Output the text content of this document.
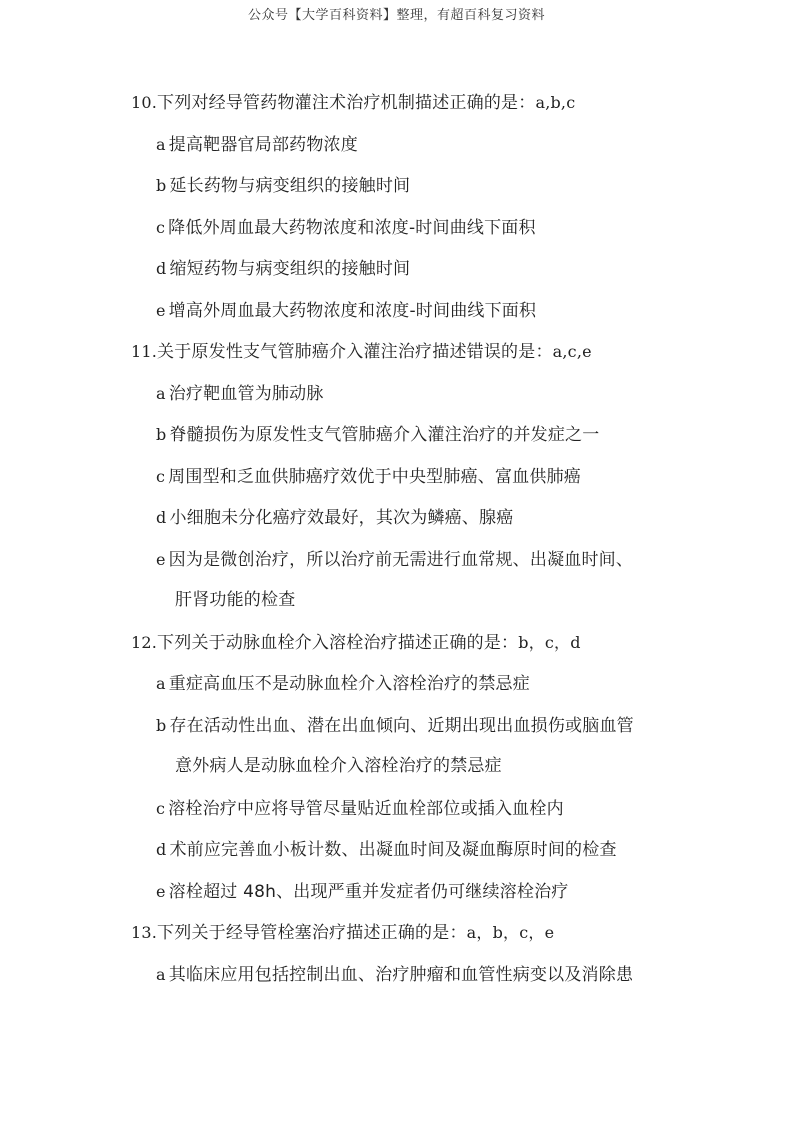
公众号【大学百科资料】整理，有超百科复习资料
10.下列对经导管药物灌注术治疗机制描述正确的是：a,b,c
a 提高靶器官局部药物浓度
b 延长药物与病变组织的接触时间
c 降低外周血最大药物浓度和浓度-时间曲线下面积
d 缩短药物与病变组织的接触时间
e 增高外周血最大药物浓度和浓度-时间曲线下面积
11.关于原发性支气管肺癌介入灌注治疗描述错误的是：a,c,e
a 治疗靶血管为肺动脉
b 脊髓损伤为原发性支气管肺癌介入灌注治疗的并发症之一
c 周围型和乏血供肺癌疗效优于中央型肺癌、富血供肺癌
d 小细胞未分化癌疗效最好，其次为鳞癌、腺癌
e 因为是微创治疗，所以治疗前无需进行血常规、出凝血时间、
肝肾功能的检查
12.下列关于动脉血栓介入溶栓治疗描述正确的是：b，c，d
a 重症高血压不是动脉血栓介入溶栓治疗的禁忌症
b 存在活动性出血、潜在出血倾向、近期出现出血损伤或脑血管
意外病人是动脉血栓介入溶栓治疗的禁忌症
c 溶栓治疗中应将导管尽量贴近血栓部位或插入血栓内
d 术前应完善血小板计数、出凝血时间及凝血酶原时间的检查
e 溶栓超过 48h、出现严重并发症者仍可继续溶栓治疗
13.下列关于经导管栓塞治疗描述正确的是：a，b，c，e
a 其临床应用包括控制出血、治疗肿瘤和血管性病变以及消除患
